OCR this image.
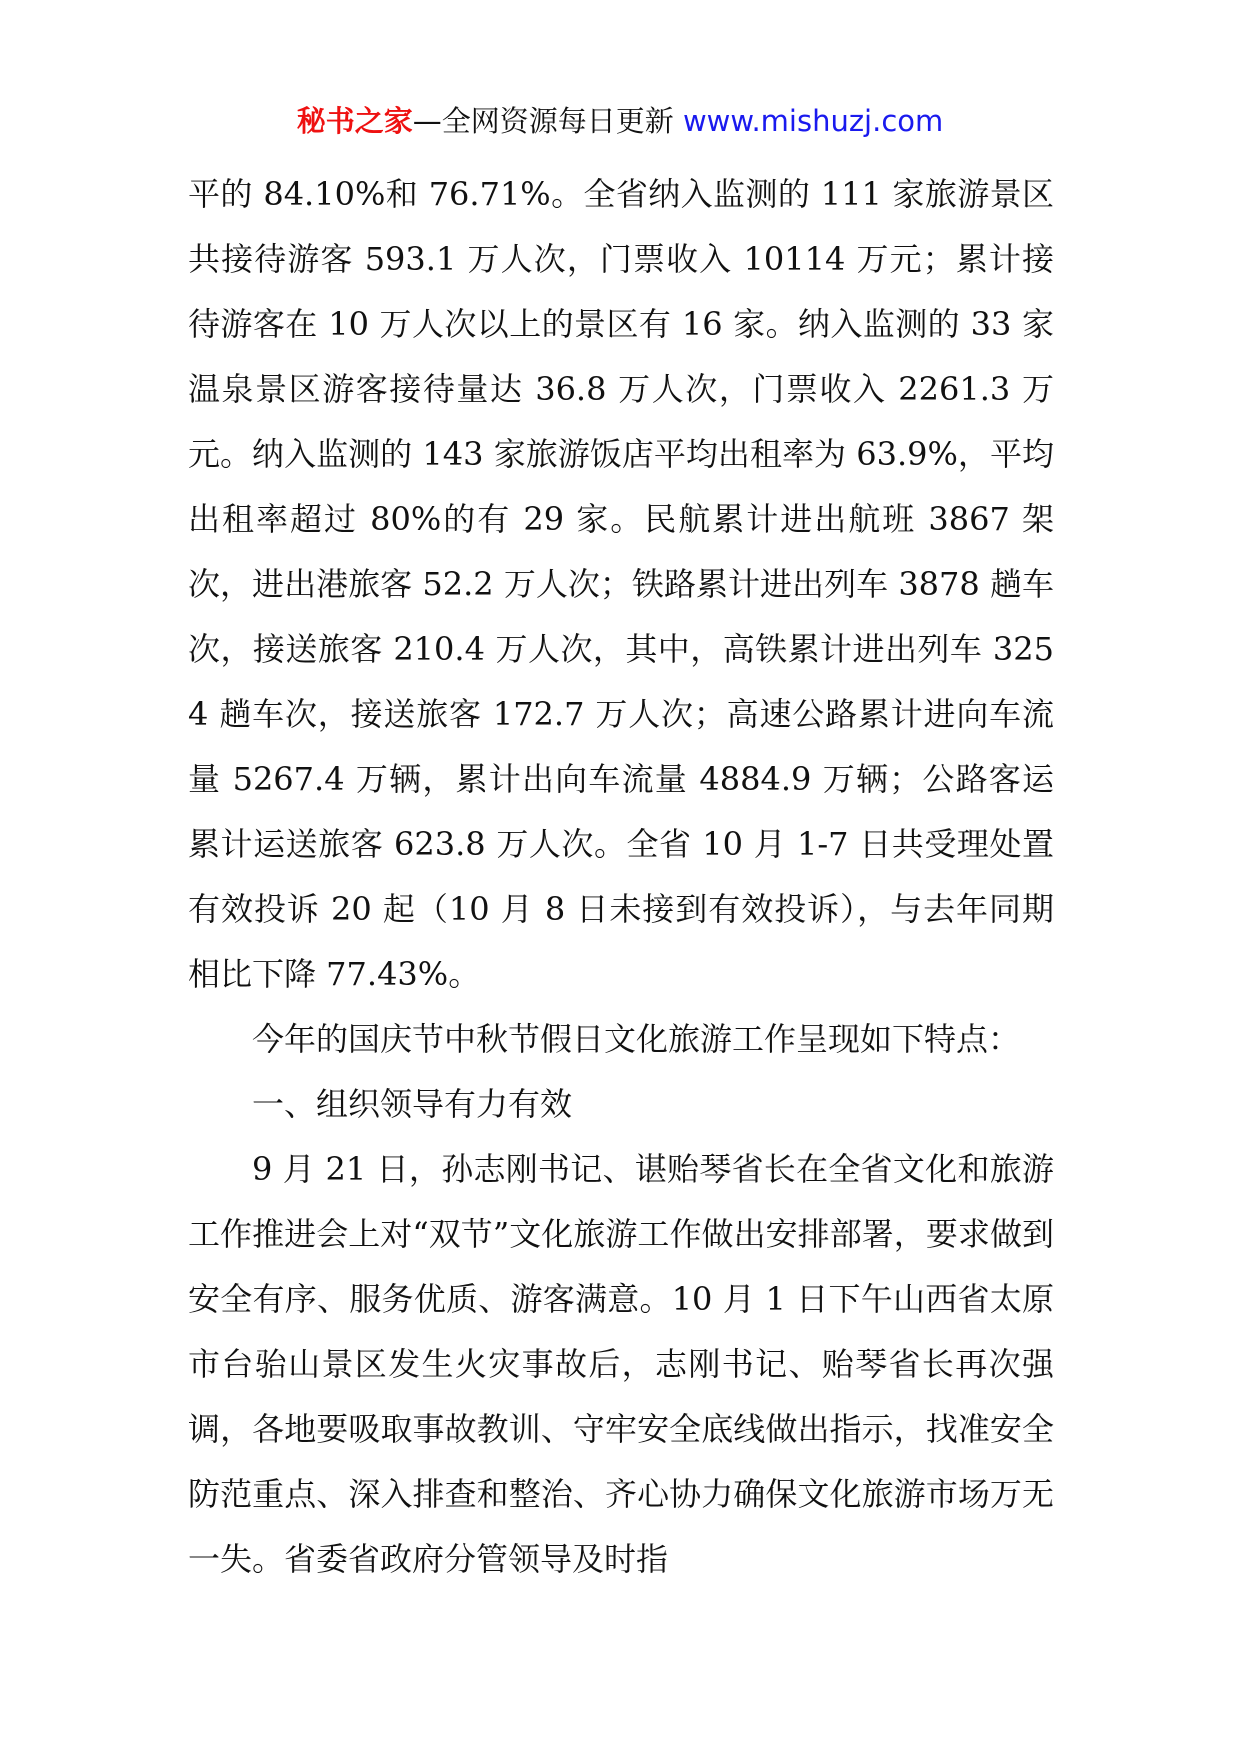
秘书之家—全网资源每日更新 www.mishuzj.com

平的 84.10%和 76.71%。全省纳入监测的 111 家旅游景区共接待游客 593.1 万人次，门票收入 10114 万元；累计接待游客在 10 万人次以上的景区有 16 家。纳入监测的 33 家温泉景区游客接待量达 36.8 万人次，门票收入 2261.3 万元。纳入监测的 143 家旅游饭店平均出租率为 63.9%，平均出租率超过 80%的有 29 家。民航累计进出航班 3867 架次，进出港旅客 52.2 万人次；铁路累计进出列车 3878 趟车次，接送旅客 210.4 万人次，其中，高铁累计进出列车 3254 趟车次，接送旅客 172.7 万人次；高速公路累计进向车流量 5267.4 万辆，累计出向车流量 4884.9 万辆；公路客运累计运送旅客 623.8 万人次。全省 10 月 1-7 日共受理处置有效投诉 20 起（10 月 8 日未接到有效投诉），与去年同期相比下降 77.43%。

今年的国庆节中秋节假日文化旅游工作呈现如下特点：

一、组织领导有力有效

9 月 21 日，孙志刚书记、谌贻琴省长在全省文化和旅游工作推进会上对“双节”文化旅游工作做出安排部署，要求做到安全有序、服务优质、游客满意。10 月 1 日下午山西省太原市台骀山景区发生火灾事故后，志刚书记、贻琴省长再次强调，各地要吸取事故教训、守牢安全底线做出指示，找准安全防范重点、深入排查和整治、齐心协力确保文化旅游市场万无一失。省委省政府分管领导及时指
